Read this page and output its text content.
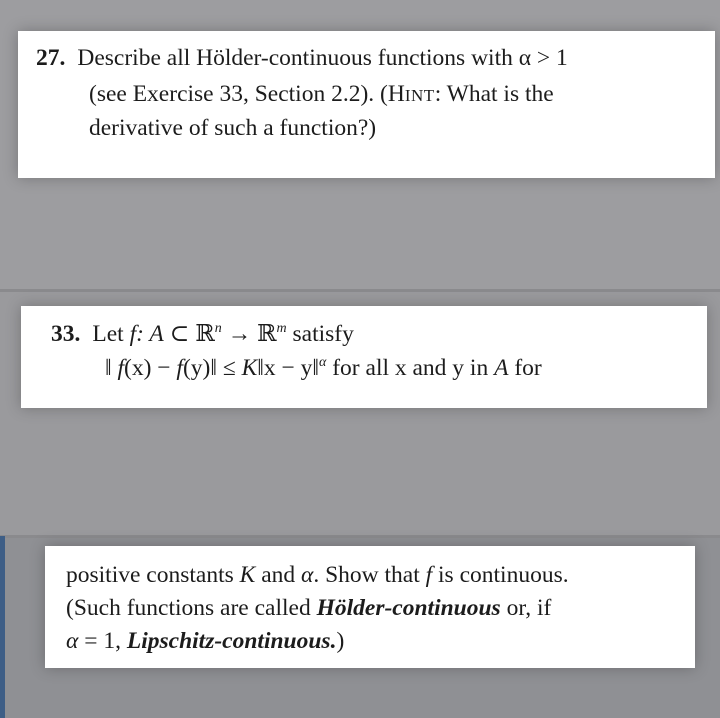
27. Describe all Hölder-continuous functions with α > 1
(see Exercise 33, Section 2.2). (HINT: What is the
derivative of such a function?)
33. Let f: A ⊂ ℝ$^n$ → ℝ$^m$ satisfy
‖ f(x) − f(y)‖ ≤ K‖x − y‖$^\alpha$ for all x and y in A for
positive constants K and α. Show that f is continuous.
(Such functions are called Hölder-continuous or, if
α = 1, Lipschitz-continuous.)
